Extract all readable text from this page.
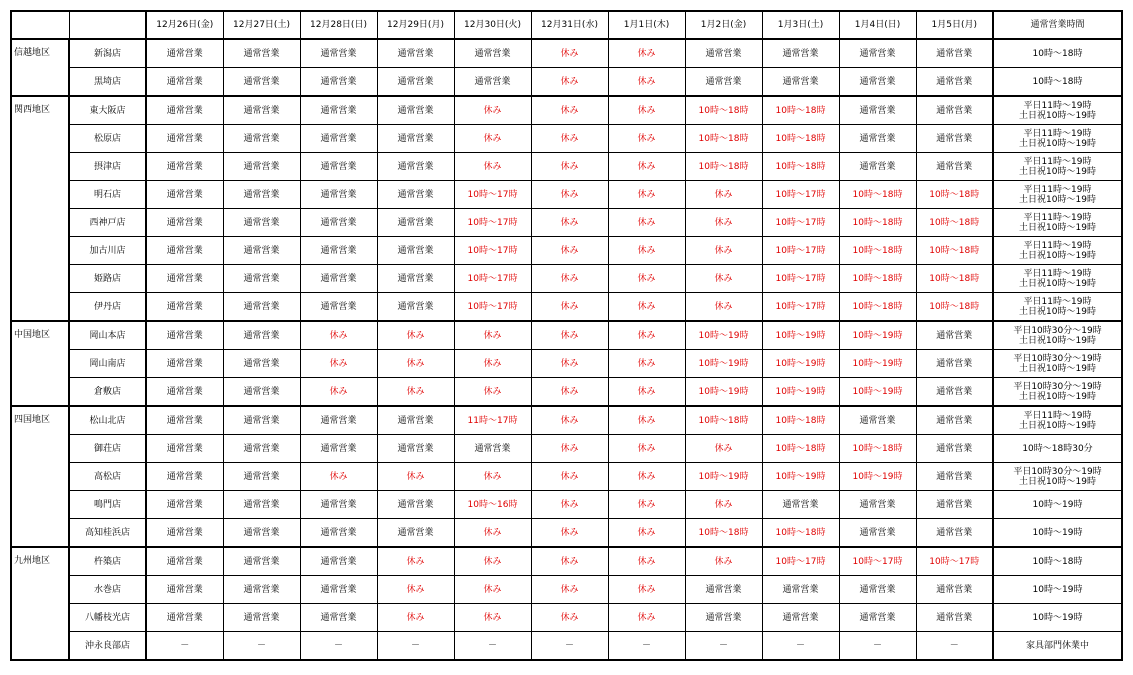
		12月26日(金)	12月27日(土)	12月28日(日)	12月29日(月)	12月30日(火)	12月31日(水)	1月1日(木)	1月2日(金)	1月3日(土)	1月4日(日)	1月5日(月)	通常営業時間
信越地区	新潟店	通常営業	通常営業	通常営業	通常営業	通常営業	休み	休み	通常営業	通常営業	通常営業	通常営業	10時～18時

	黒埼店	通常営業	通常営業	通常営業	通常営業	通常営業	休み	休み	通常営業	通常営業	通常営業	通常営業	10時～18時

関西地区	東大阪店	通常営業	通常営業	通常営業	通常営業	休み	休み	休み	10時～18時	10時～18時	通常営業	通常営業	平日11時～19時
土日祝10時～19時

	松原店	通常営業	通常営業	通常営業	通常営業	休み	休み	休み	10時～18時	10時～18時	通常営業	通常営業	平日11時～19時
土日祝10時～19時

	摂津店	通常営業	通常営業	通常営業	通常営業	休み	休み	休み	10時～18時	10時～18時	通常営業	通常営業	平日11時～19時
土日祝10時～19時

	明石店	通常営業	通常営業	通常営業	通常営業	10時～17時	休み	休み	休み	10時～17時	10時～18時	10時～18時	平日11時～19時
土日祝10時～19時

	西神戸店	通常営業	通常営業	通常営業	通常営業	10時～17時	休み	休み	休み	10時～17時	10時～18時	10時～18時	平日11時～19時
土日祝10時～19時

	加古川店	通常営業	通常営業	通常営業	通常営業	10時～17時	休み	休み	休み	10時～17時	10時～18時	10時～18時	平日11時～19時
土日祝10時～19時

	姫路店	通常営業	通常営業	通常営業	通常営業	10時～17時	休み	休み	休み	10時～17時	10時～18時	10時～18時	平日11時～19時
土日祝10時～19時

	伊丹店	通常営業	通常営業	通常営業	通常営業	10時～17時	休み	休み	休み	10時～17時	10時～18時	10時～18時	平日11時～19時
土日祝10時～19時

中国地区	岡山本店	通常営業	通常営業	休み	休み	休み	休み	休み	10時～19時	10時～19時	10時～19時	通常営業	平日10時30分～19時
土日祝10時～19時

	岡山南店	通常営業	通常営業	休み	休み	休み	休み	休み	10時～19時	10時～19時	10時～19時	通常営業	平日10時30分～19時
土日祝10時～19時

	倉敷店	通常営業	通常営業	休み	休み	休み	休み	休み	10時～19時	10時～19時	10時～19時	通常営業	平日10時30分～19時
土日祝10時～19時

四国地区	松山北店	通常営業	通常営業	通常営業	通常営業	11時～17時	休み	休み	10時～18時	10時～18時	通常営業	通常営業	平日11時～19時
土日祝10時～19時

	御荘店	通常営業	通常営業	通常営業	通常営業	通常営業	休み	休み	休み	10時～18時	10時～18時	通常営業	10時～18時30分

	高松店	通常営業	通常営業	休み	休み	休み	休み	休み	10時～19時	10時～19時	10時～19時	通常営業	平日10時30分～19時
土日祝10時～19時

	鳴門店	通常営業	通常営業	通常営業	通常営業	10時～16時	休み	休み	休み	通常営業	通常営業	通常営業	10時～19時

	高知桂浜店	通常営業	通常営業	通常営業	通常営業	休み	休み	休み	10時～18時	10時～18時	通常営業	通常営業	10時～19時

九州地区	杵築店	通常営業	通常営業	通常営業	休み	休み	休み	休み	休み	10時～17時	10時～17時	10時～17時	10時～18時

	水巻店	通常営業	通常営業	通常営業	休み	休み	休み	休み	通常営業	通常営業	通常営業	通常営業	10時～19時

	八幡枝光店	通常営業	通常営業	通常営業	休み	休み	休み	休み	通常営業	通常営業	通常営業	通常営業	10時～19時

	沖永良部店	－	－	－	－	－	－	－	－	－	－	－	家具部門休業中
